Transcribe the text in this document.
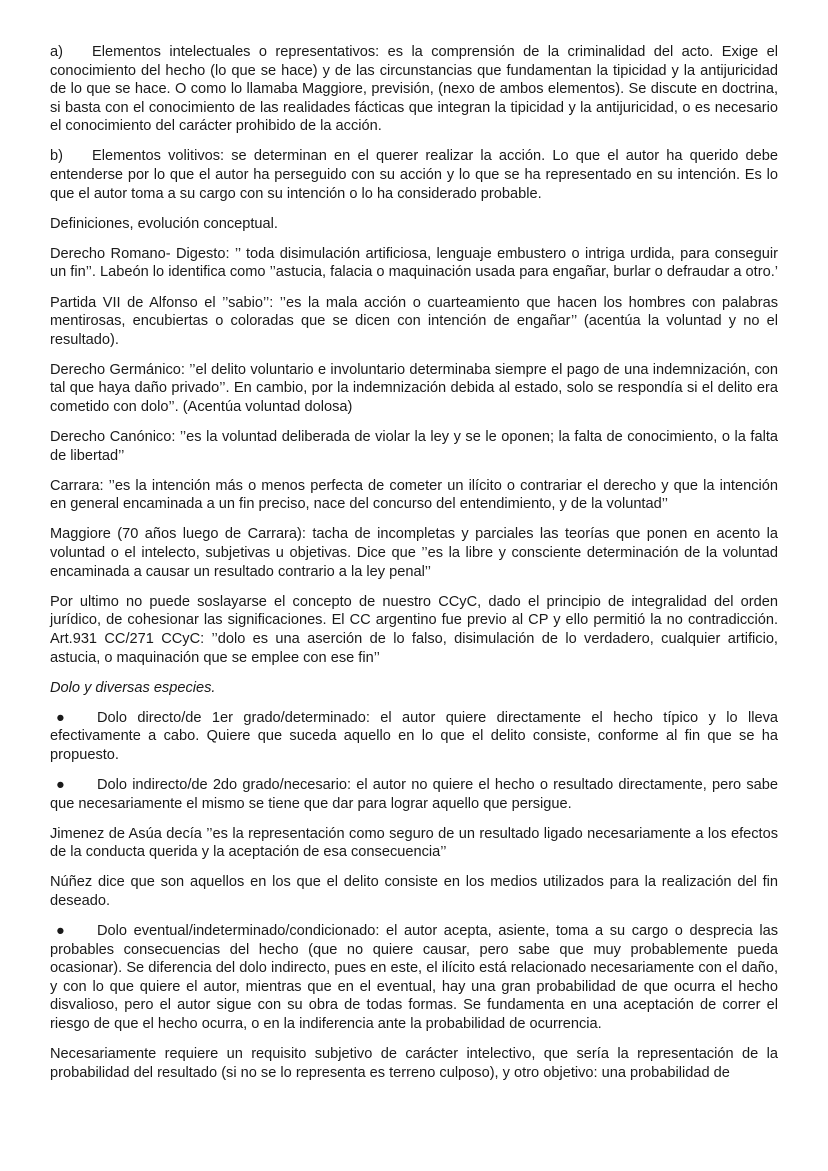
a) Elementos intelectuales o representativos: es la comprensión de la criminalidad del acto. Exige el conocimiento del hecho (lo que se hace) y de las circunstancias que fundamentan la tipicidad y la antijuricidad de lo que se hace. O como lo llamaba Maggiore, previsión, (nexo de ambos elementos). Se discute en doctrina, si basta con el conocimiento de las realidades fácticas que integran la tipicidad y la antijuricidad, o es necesario el conocimiento del carácter prohibido de la acción.

b) Elementos volitivos: se determinan en el querer realizar la acción. Lo que el autor ha querido debe entenderse por lo que el autor ha perseguido con su acción y lo que se ha representado en su intención. Es lo que el autor toma a su cargo con su intención o lo ha considerado probable.

Definiciones, evolución conceptual.

Derecho Romano- Digesto: ’’ toda disimulación artificiosa, lenguaje embustero o intriga urdida, para conseguir un fin’’. Labeón lo identifica como ’’astucia, falacia o maquinación usada para engañar, burlar o defraudar a otro.’

Partida VII de Alfonso el ’’sabio’’: ’’es la mala acción o cuarteamiento que hacen los hombres con palabras mentirosas, encubiertas o coloradas que se dicen con intención de engañar’’ (acentúa la voluntad y no el resultado).

Derecho Germánico: ’’el delito voluntario e involuntario determinaba siempre el pago de una indemnización, con tal que haya daño privado’’. En cambio, por la indemnización debida al estado, solo se respondía si el delito era cometido con dolo’’. (Acentúa voluntad dolosa)

Derecho Canónico: ’’es la voluntad deliberada de violar la ley y se le oponen; la falta de conocimiento, o la falta de libertad’’

Carrara: ’’es la intención más o menos perfecta de cometer un ilícito o contrariar el derecho y que la intención en general encaminada a un fin preciso, nace del concurso del entendimiento, y de la voluntad’’

Maggiore (70 años luego de Carrara): tacha de incompletas y parciales las teorías que ponen en acento la voluntad o el intelecto, subjetivas u objetivas. Dice que ’’es la libre y consciente determinación de la voluntad encaminada a causar un resultado contrario a la ley penal’’

Por ultimo no puede soslayarse el concepto de nuestro CCyC, dado el principio de integralidad del orden jurídico, de cohesionar las significaciones. El CC argentino fue previo al CP y ello permitió la no contradicción. Art.931 CC/271 CCyC: ’’dolo es una aserción de lo falso, disimulación de lo verdadero, cualquier artificio, astucia, o maquinación que se emplee con ese fin’’

Dolo y diversas especies.

● Dolo directo/de 1er grado/determinado: el autor quiere directamente el hecho típico y lo lleva efectivamente a cabo. Quiere que suceda aquello en lo que el delito consiste, conforme al fin que se ha propuesto.

● Dolo indirecto/de 2do grado/necesario: el autor no quiere el hecho o resultado directamente, pero sabe que necesariamente el mismo se tiene que dar para lograr aquello que persigue.

Jimenez de Asúa decía ’’es la representación como seguro de un resultado ligado necesariamente a los efectos de la conducta querida y la aceptación de esa consecuencia’’

Núñez dice que son aquellos en los que el delito consiste en los medios utilizados para la realización del fin deseado.

● Dolo eventual/indeterminado/condicionado: el autor acepta, asiente, toma a su cargo o desprecia las probables consecuencias del hecho (que no quiere causar, pero sabe que muy probablemente pueda ocasionar). Se diferencia del dolo indirecto, pues en este, el ilícito está relacionado necesariamente con el daño, y con lo que quiere el autor, mientras que en el eventual, hay una gran probabilidad de que ocurra el hecho disvalioso, pero el autor sigue con su obra de todas formas. Se fundamenta en una aceptación de correr el riesgo de que el hecho ocurra, o en la indiferencia ante la probabilidad de ocurrencia.

Necesariamente requiere un requisito subjetivo de carácter intelectivo, que sería la representación de la probabilidad del resultado (si no se lo representa es terreno culposo), y otro objetivo: una probabilidad de
